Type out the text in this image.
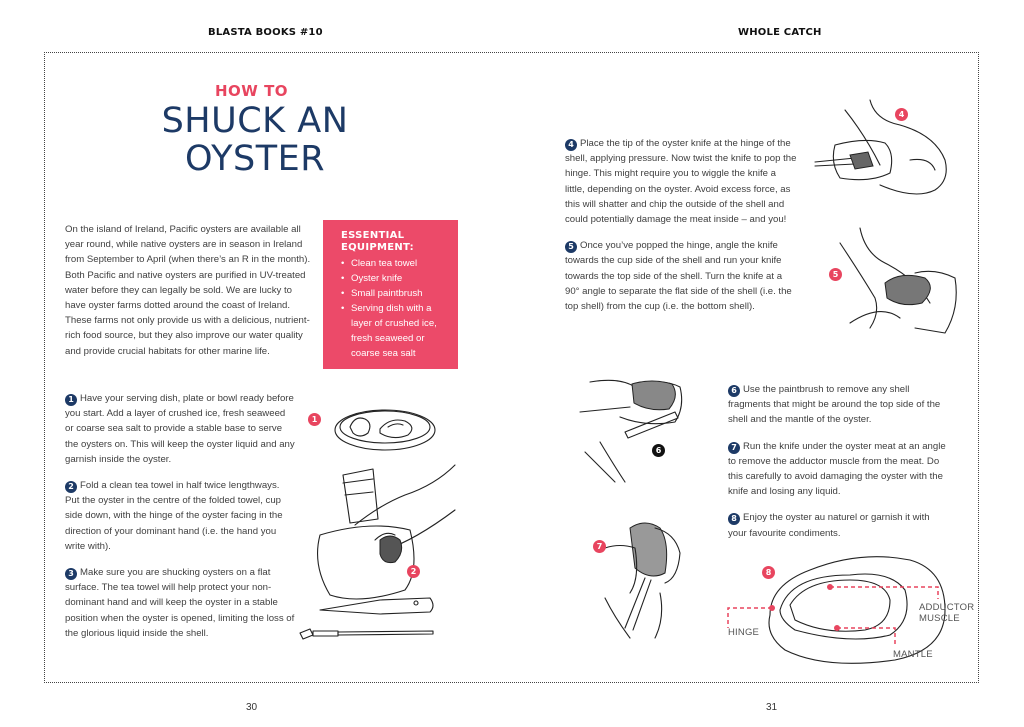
BLASTA BOOKS #10	WHOLE CATCH
HOW TO
SHUCK AN
OYSTER
On the island of Ireland, Pacific oysters are available all year round, while native oysters are in season in Ireland from September to April (when there’s an R in the month). Both Pacific and native oysters are purified in UV-treated water before they can legally be sold. We are lucky to have oyster farms dotted around the coast of Ireland. These farms not only provide us with a delicious, nutrient-rich food source, but they also improve our water quality and provide crucial habitats for other marine life.
ESSENTIAL
EQUIPMENT:
• Clean tea towel
• Oyster knife
• Small paintbrush
• Serving dish with a layer of crushed ice, fresh seaweed or coarse sea salt

1 Have your serving dish, plate or bowl ready before you start. Add a layer of crushed ice, fresh seaweed or coarse sea salt to provide a stable base to serve the oysters on. This will keep the oyster liquid and any garnish inside the oyster.

2 Fold a clean tea towel in half twice lengthways. Put the oyster in the centre of the folded towel, cup side down, with the hinge of the oyster facing in the direction of your dominant hand (i.e. the hand you write with).

3 Make sure you are shucking oysters on a flat surface. The tea towel will help protect your non-dominant hand and will keep the oyster in a stable position when the oyster is opened, limiting the loss of the glorious liquid inside the shell.

4 Place the tip of the oyster knife at the hinge of the shell, applying pressure. Now twist the knife to pop the hinge. This might require you to wiggle the knife a little, depending on the oyster. Avoid excess force, as this will shatter and chip the outside of the shell and could potentially damage the meat inside – and you!

5 Once you’ve popped the hinge, angle the knife towards the cup side of the shell and run your knife towards the top side of the shell. Turn the knife at a 90° angle to separate the flat side of the shell (i.e. the top shell) from the cup (i.e. the bottom shell).

6 Use the paintbrush to remove any shell fragments that might be around the top side of the shell and the mantle of the oyster.

7 Run the knife under the oyster meat at an angle to remove the adductor muscle from the meat. Do this carefully to avoid damaging the oyster with the knife and losing any liquid.

8 Enjoy the oyster au naturel or garnish it with your favourite condiments.

1
2
4
5
6
7
8
HINGE
ADDUCTOR
MUSCLE
MANTLE
30	31
